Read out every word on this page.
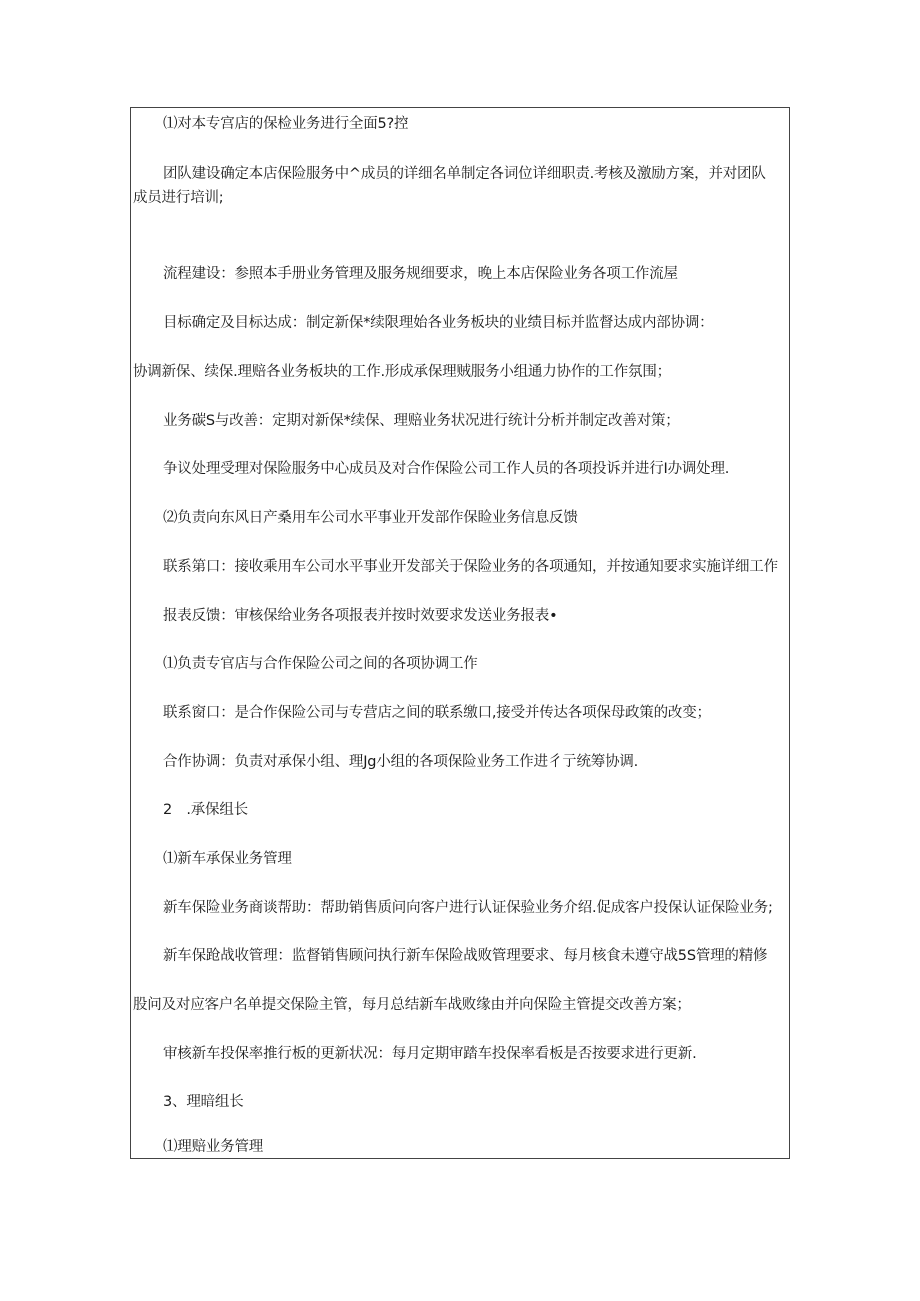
⑴对本专宫店的保检业务进行全面5?控
团队建设确定本店保险服务中^成员的详细名单制定各词位详细职责.考核及激励方案，并对团队
成员进行培训;
流程建设：参照本手册业务管理及服务规细要求，晚上本店保险业务各项工作流屋
目标确定及目标达成：制定新保*续限理始各业务板块的业绩目标并监督达成内部协调：
协调新保、续保.理赔各业务板块的工作.形成承保理贼服务小组通力协作的工作氛围；
业务碳S与改善：定期对新保*续保、理赔业务状况进行统计分析并制定改善对策；
争议处理受理对保险服务中心成员及对合作保险公司工作人员的各项投诉并进行I办调处理.
⑵负责向东风日产桑用车公司水平事业开发部作保睑业务信息反馈
联系第口：接收乘用车公司水平事业开发部关于保险业务的各项通知，并按通知要求实施详细工作
报表反馈：审核保给业务各项报表并按时效要求发送业务报表•
⑴负责专官店与合作保险公司之间的各项协调工作
联系窗口：是合作保险公司与专营店之间的联系缴口,接受并传达各项保母政策的改变；
合作协调：负责对承保小组、理Jg小组的各项保险业务工作进彳亍统筹协调.
2　.承保组长
⑴新车承保业务管理
新车保险业务商谈帮助：帮助销售质问向客户进行认证保验业务介绍.促成客户投保认证保险业务;
新车保跄战收管理：监督销售顾问执行新车保险战败管理要求、每月核食未遵守战5S管理的精修
股问及对应客户名单提交保险主管，每月总结新车战败缘由并向保险主管提交改善方案；
审核新车投保率推行板的更新状况：每月定期审踏车投保率看板是否按要求进行更新.
3、理暗组长
⑴理赔业务管理
